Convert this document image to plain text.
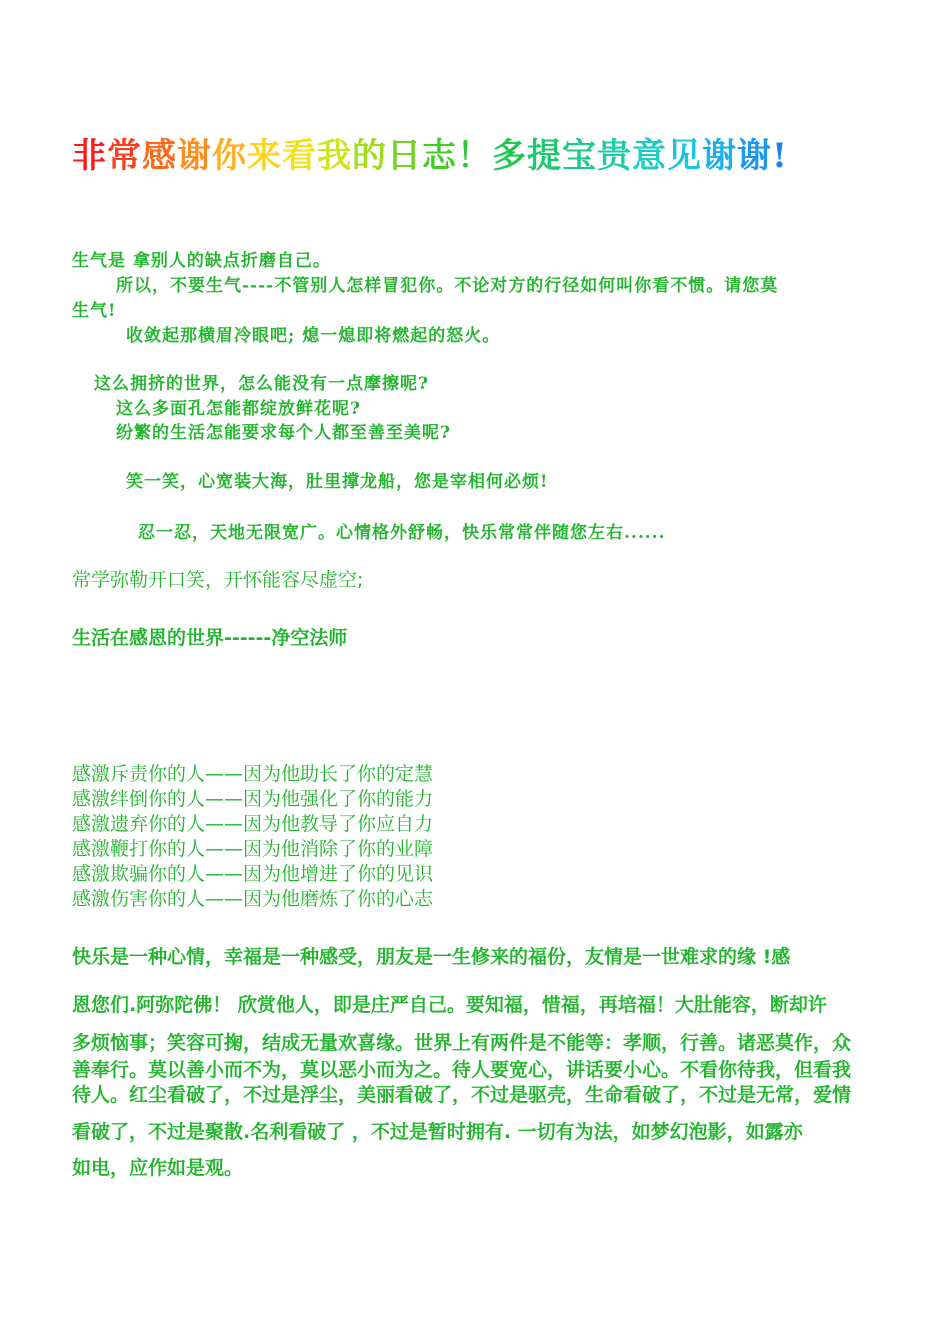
非常感谢你来看我的日志！多提宝贵意见谢谢!
生气是 拿别人的缺点折磨自己。
所以，不要生气----不管别人怎样冒犯你。不论对方的行径如何叫你看不惯。请您莫
生气!
收敛起那横眉冷眼吧; 熄一熄即将燃起的怒火。
这么拥挤的世界，怎么能没有一点摩擦呢?
这么多面孔怎能都绽放鲜花呢?
纷繁的生活怎能要求每个人都至善至美呢?
笑一笑，心宽装大海，肚里撑龙船，您是宰相何必烦!
忍一忍，天地无限宽广。心情格外舒畅，快乐常常伴随您左右......
常学弥勒开口笑，开怀能容尽虚空;
生活在感恩的世界------净空法师
感激斥责你的人——因为他助长了你的定慧
感激绊倒你的人——因为他强化了你的能力
感激遗弃你的人——因为他教导了你应自力
感激鞭打你的人——因为他消除了你的业障
感激欺骗你的人——因为他增进了你的见识
感激伤害你的人——因为他磨炼了你的心志
快乐是一种心情，幸福是一种感受，朋友是一生修来的福份，友情是一世难求的缘 !感
恩您们.阿弥陀佛！ 欣赏他人，即是庄严自己。要知福，惜福，再培福！大肚能容，断却许
多烦恼事；笑容可掬，结成无量欢喜缘。世界上有两件是不能等：孝顺，行善。诸恶莫作，众
善奉行。莫以善小而不为，莫以恶小而为之。待人要宽心，讲话要小心。不看你待我，但看我
待人。红尘看破了，不过是浮尘，美丽看破了，不过是驱壳，生命看破了，不过是无常，爱情
看破了，不过是聚散.名利看破了 ，不过是暂时拥有. 一切有为法，如梦幻泡影，如露亦
如电，应作如是观。
